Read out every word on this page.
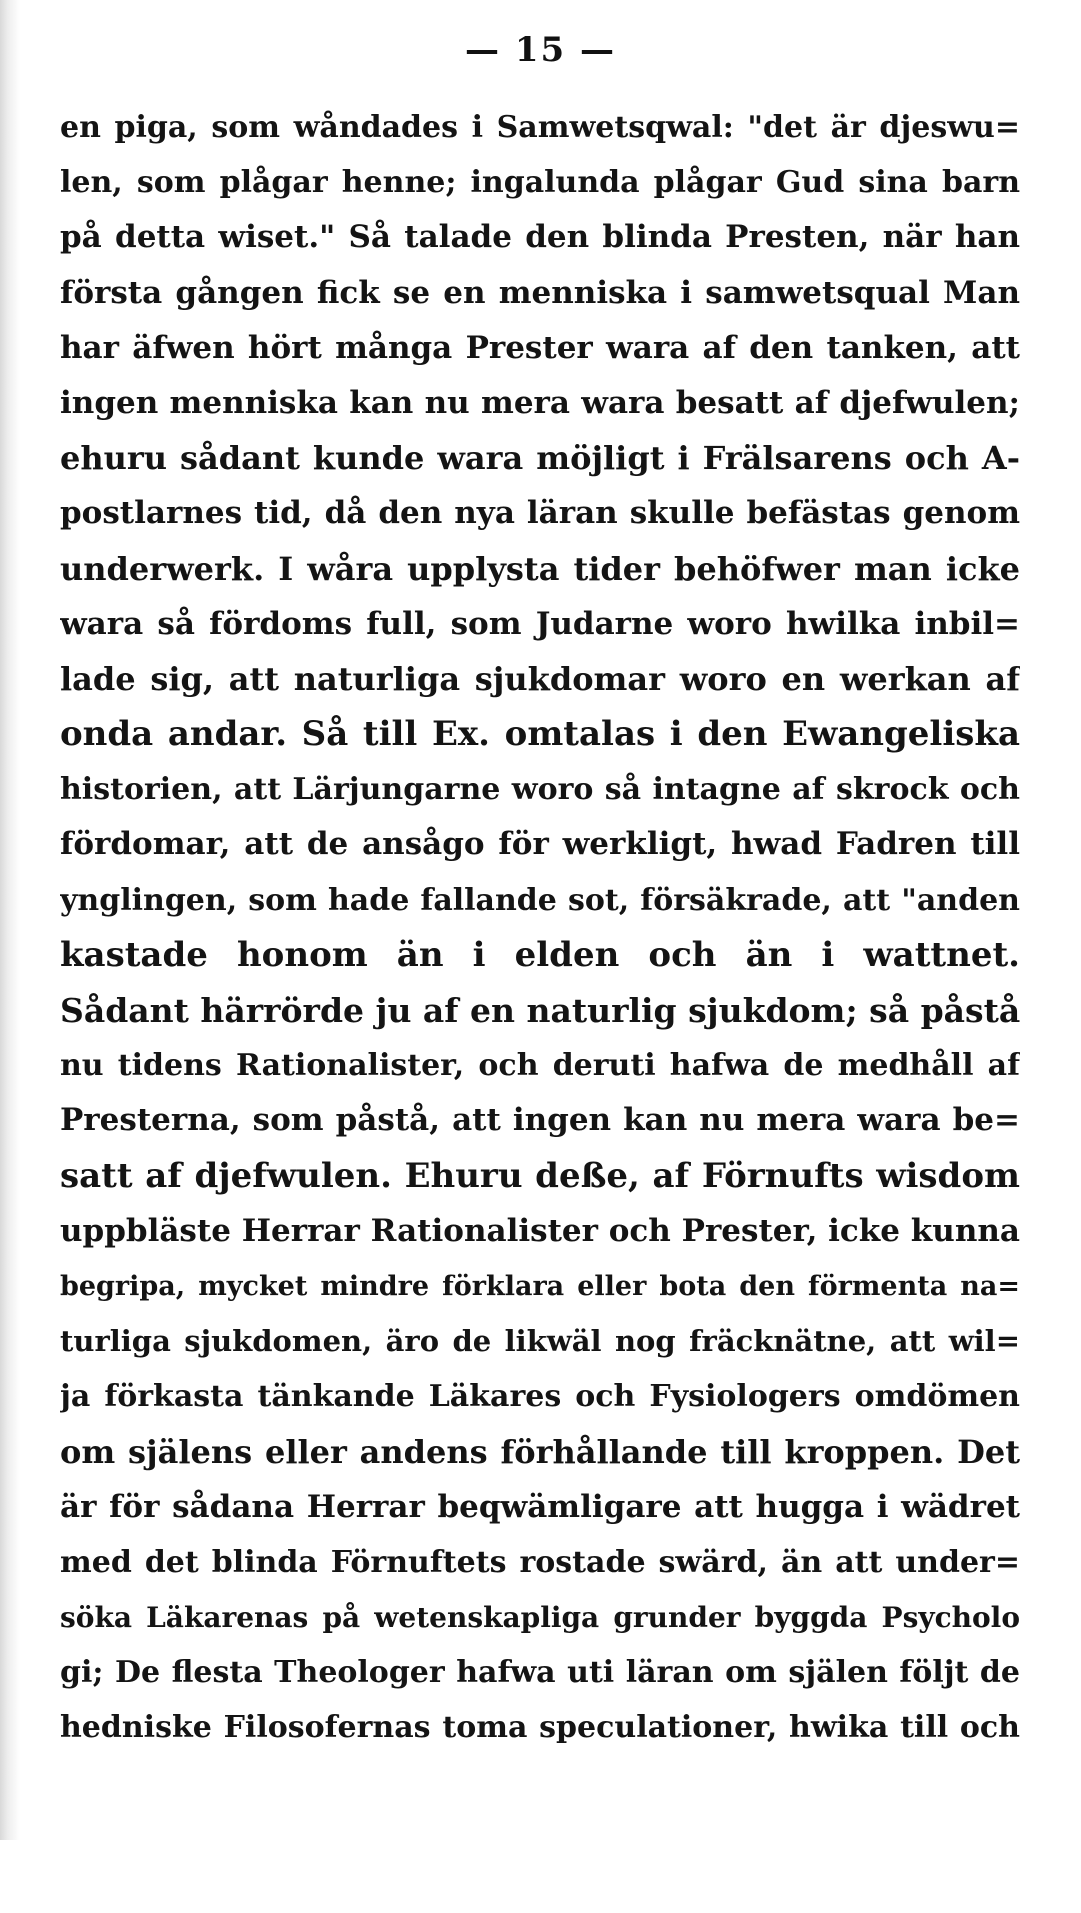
— 15 —
en piga, som wåndades i Samwetsqwal: "det är djeswu=
len, som plågar henne; ingalunda plågar Gud sina barn
på detta wiset." Så talade den blinda Presten, när han
första gången fick se en menniska i samwetsqual Man
har äfwen hört många Prester wara af den tanken, att
ingen menniska kan nu mera wara besatt af djefwulen;
ehuru sådant kunde wara möjligt i Frälsarens och A-
postlarnes tid, då den nya läran skulle befästas genom
underwerk. I wåra upplysta tider behöfwer man icke
wara så fördoms full, som Judarne woro hwilka inbil=
lade sig, att naturliga sjukdomar woro en werkan af
onda andar. Så till Ex. omtalas i den Ewangeliska
historien, att Lärjungarne woro så intagne af skrock och
fördomar, att de ansågo för werkligt, hwad Fadren till
ynglingen, som hade fallande sot, försäkrade, att "anden
kastade honom än i elden och än i wattnet.
Sådant härrörde ju af en naturlig sjukdom; så påstå
nu tidens Rationalister, och deruti hafwa de medhåll af
Presterna, som påstå, att ingen kan nu mera wara be=
satt af djefwulen. Ehuru deße, af Förnufts wisdom
uppbläste Herrar Rationalister och Prester, icke kunna
begripa, mycket mindre förklara eller bota den förmenta na=
turliga sjukdomen, äro de likwäl nog fräcknätne, att wil=
ja förkasta tänkande Läkares och Fysiologers omdömen
om själens eller andens förhållande till kroppen. Det
är för sådana Herrar beqwämligare att hugga i wädret
med det blinda Förnuftets rostade swärd, än att under=
söka Läkarenas på wetenskapliga grunder byggda Psycholo
gi; De flesta Theologer hafwa uti läran om själen följt de
hedniske Filosofernas toma speculationer, hwika till och
